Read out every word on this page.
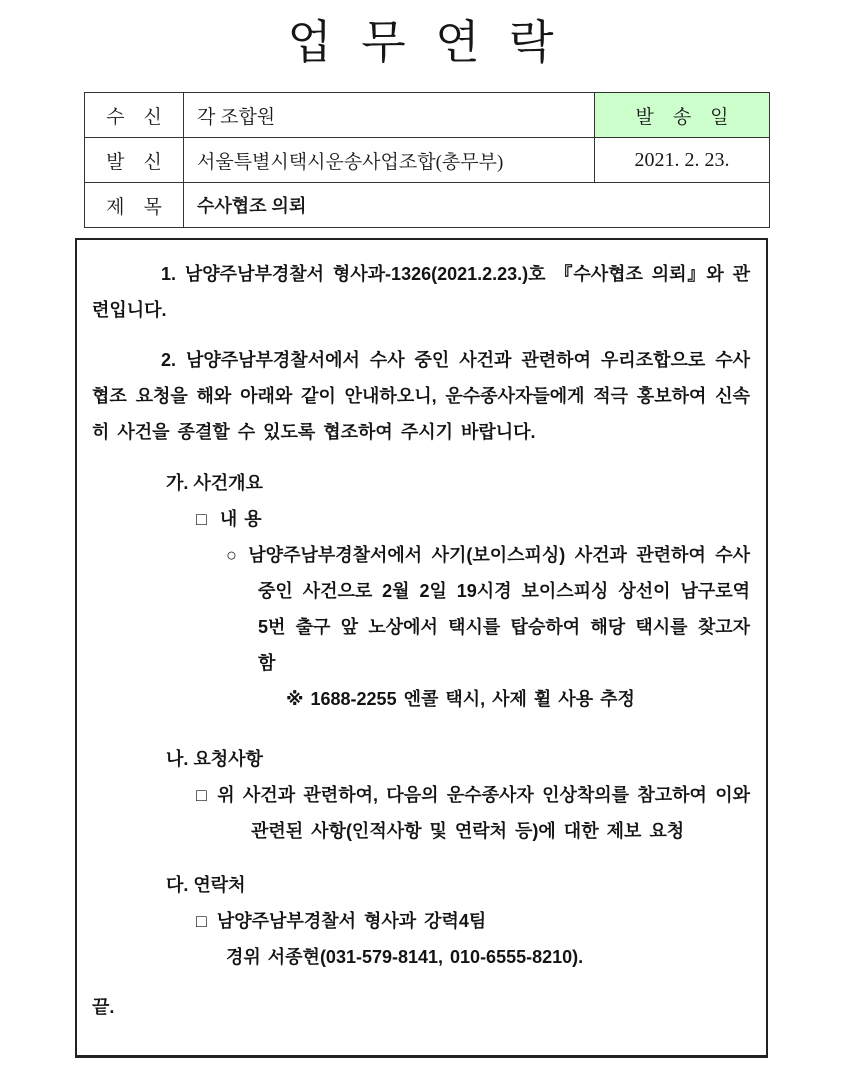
업 무 연 락
수　신	각 조합원	발　송　일
발　신	서울특별시택시운송사업조합(총무부)	2021. 2. 23.
제　목	수사협조 의뢰	

1. 남양주남부경찰서 형사과-1326(2021.2.23.)호 『수사협조 의뢰』와 관련입니다.

2. 남양주남부경찰서에서 수사 중인 사건과 관련하여 우리조합으로 수사 협조 요청을 해와 아래와 같이 안내하오니, 운수종사자들에게 적극 홍보하여 신속히 사건을 종결할 수 있도록 협조하여 주시기 바랍니다.

가. 사건개요
□ 내 용
○ 남양주남부경찰서에서 사기(보이스피싱) 사건과 관련하여 수사 중인 사건으로 2월 2일 19시경 보이스피싱 상선이 남구로역 5번 출구 앞 노상에서 택시를 탑승하여 해당 택시를 찾고자 함
※ 1688-2255 엔콜 택시, 사제 휠 사용 추정
나. 요청사항
□ 위 사건과 관련하여, 다음의 운수종사자 인상착의를 참고하여 이와 관련된 사항(인적사항 및 연락처 등)에 대한 제보 요청
다. 연락처
□ 남양주남부경찰서 형사과 강력4팀
경위 서종현(031-579-8141, 010-6555-8210).
끝.
